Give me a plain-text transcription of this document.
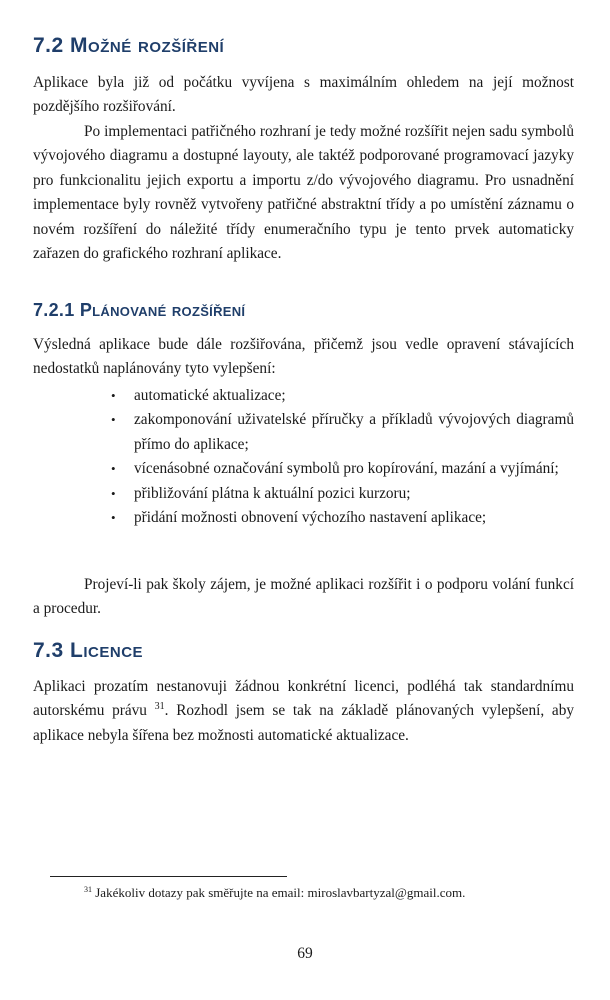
7.2 Možné rozšíření

Aplikace byla již od počátku vyvíjena s maximálním ohledem na její možnost pozdějšího rozšiřování.

Po implementaci patřičného rozhraní je tedy možné rozšířit nejen sadu symbolů vývojového diagramu a dostupné layouty, ale taktéž podporované programovací jazyky pro funkcionalitu jejich exportu a importu z/do vývojového diagramu. Pro usnadnění implementace byly rovněž vytvořeny patřičné abstraktní třídy a po umístění záznamu o novém rozšíření do náležité třídy enumeračního typu je tento prvek automaticky zařazen do grafického rozhraní aplikace.

7.2.1 Plánované rozšíření

Výsledná aplikace bude dále rozšiřována, přičemž jsou vedle opravení stávajících nedostatků naplánovány tyto vylepšení:

• automatické aktualizace;
• zakomponování uživatelské příručky a příkladů vývojových diagramů přímo do aplikace;
• vícenásobné označování symbolů pro kopírování, mazání a vyjímání;
• přibližování plátna k aktuální pozici kurzoru;
• přidání možnosti obnovení výchozího nastavení aplikace;

Projeví-li pak školy zájem, je možné aplikaci rozšířit i o podporu volání funkcí a procedur.

7.3 Licence

Aplikaci prozatím nestanovuji žádnou konkrétní licenci, podléhá tak standardnímu autorskému právu $^{31}$. Rozhodl jsem se tak na základě plánovaných vylepšení, aby aplikace nebyla šířena bez možnosti automatické aktualizace.

$^{31}$ Jakékoliv dotazy pak směřujte na email: miroslavbartyzal@gmail.com.
69
